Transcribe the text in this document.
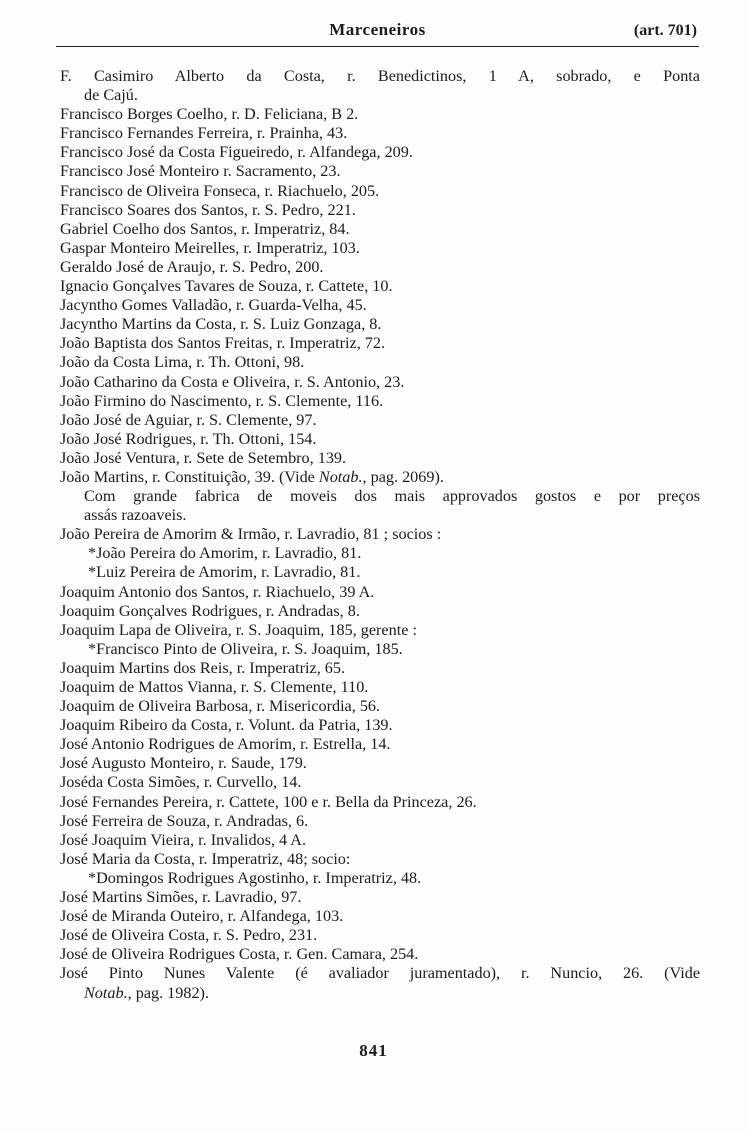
Marceneiros	(art. 701)
F. Casimiro Alberto da Costa, r. Benedictinos, 1 A, sobrado, e Ponta
de Cajú.
Francisco Borges Coelho, r. D. Feliciana, B 2.
Francisco Fernandes Ferreira, r. Prainha, 43.
Francisco José da Costa Figueiredo, r. Alfandega, 209.
Francisco José Monteiro r. Sacramento, 23.
Francisco de Oliveira Fonseca, r. Riachuelo, 205.
Francisco Soares dos Santos, r. S. Pedro, 221.
Gabriel Coelho dos Santos, r. Imperatriz, 84.
Gaspar Monteiro Meirelles, r. Imperatriz, 103.
Geraldo José de Araujo, r. S. Pedro, 200.
Ignacio Gonçalves Tavares de Souza, r. Cattete, 10.
Jacyntho Gomes Valladão, r. Guarda-Velha, 45.
Jacyntho Martins da Costa, r. S. Luiz Gonzaga, 8.
João Baptista dos Santos Freitas, r. Imperatriz, 72.
João da Costa Lima, r. Th. Ottoni, 98.
João Catharino da Costa e Oliveira, r. S. Antonio, 23.
João Firmino do Nascimento, r. S. Clemente, 116.
João José de Aguiar, r. S. Clemente, 97.
João José Rodrigues, r. Th. Ottoni, 154.
João José Ventura, r. Sete de Setembro, 139.
João Martins, r. Constituição, 39. (Vide Notab., pag. 2069).
Com grande fabrica de moveis dos mais approvados gostos e por preços
assás razoaveis.
João Pereira de Amorim & Irmão, r. Lavradio, 81 ; socios :
*João Pereira do Amorim, r. Lavradio, 81.
*Luiz Pereira de Amorim, r. Lavradio, 81.
Joaquim Antonio dos Santos, r. Riachuelo, 39 A.
Joaquim Gonçalves Rodrigues, r. Andradas, 8.
Joaquim Lapa de Oliveira, r. S. Joaquim, 185, gerente :
*Francisco Pinto de Oliveira, r. S. Joaquim, 185.
Joaquim Martins dos Reis, r. Imperatriz, 65.
Joaquim de Mattos Vianna, r. S. Clemente, 110.
Joaquim de Oliveira Barbosa, r. Misericordia, 56.
Joaquim Ribeiro da Costa, r. Volunt. da Patria, 139.
José Antonio Rodrigues de Amorim, r. Estrella, 14.
José Augusto Monteiro, r. Saude, 179.
Joséda Costa Simões, r. Curvello, 14.
José Fernandes Pereira, r. Cattete, 100 e r. Bella da Princeza, 26.
José Ferreira de Souza, r. Andradas, 6.
José Joaquim Vieira, r. Invalidos, 4 A.
José Maria da Costa, r. Imperatriz, 48; socio:
*Domingos Rodrigues Agostinho, r. Imperatriz, 48.
José Martins Simões, r. Lavradio, 97.
José de Miranda Outeiro, r. Alfandega, 103.
José de Oliveira Costa, r. S. Pedro, 231.
José de Oliveira Rodrigues Costa, r. Gen. Camara, 254.
José Pinto Nunes Valente (é avaliador juramentado), r. Nuncio, 26. (Vide
Notab., pag. 1982).
841
